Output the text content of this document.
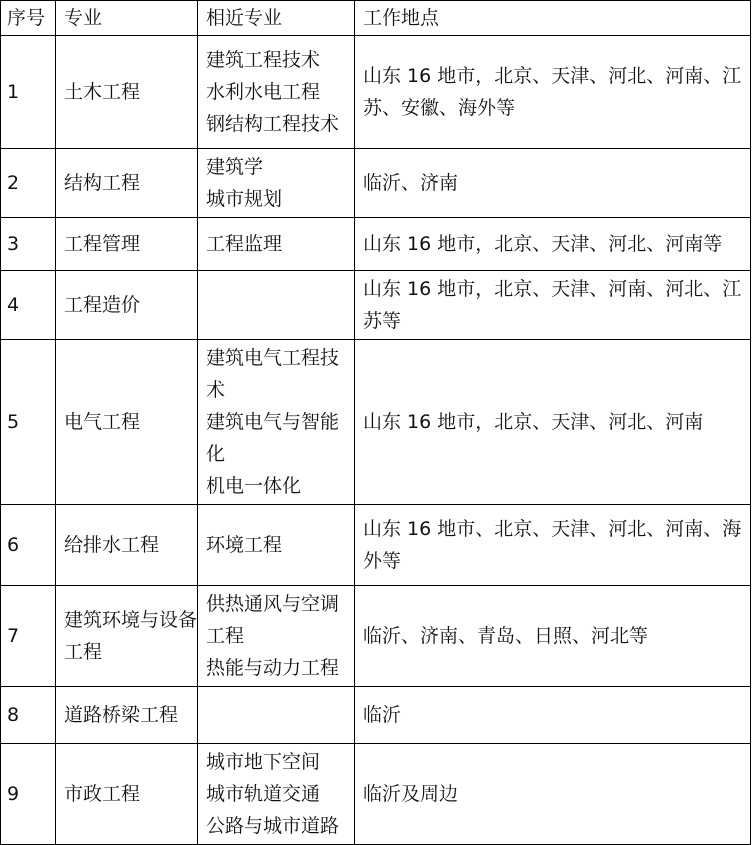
序号	专业	相近专业	工作地点
1	土木工程	建筑工程技术
水利水电工程
钢结构工程技术	山东 16 地市，北京、天津、河北、河南、江苏、安徽、海外等
2	结构工程	建筑学
城市规划	临沂、济南
3	工程管理	工程监理	山东 16 地市，北京、天津、河北、河南等
4	工程造价		山东 16 地市，北京、天津、河南、河北、江苏等
5	电气工程	建筑电气工程技术
建筑电气与智能化
机电一体化	山东 16 地市，北京、天津、河北、河南
6	给排水工程	环境工程	山东 16 地市、北京、天津、河北、河南、海外等
7	建筑环境与设备工程	供热通风与空调工程
热能与动力工程	临沂、济南、青岛、日照、河北等
8	道路桥梁工程		临沂
9	市政工程	城市地下空间
城市轨道交通
公路与城市道路	临沂及周边
